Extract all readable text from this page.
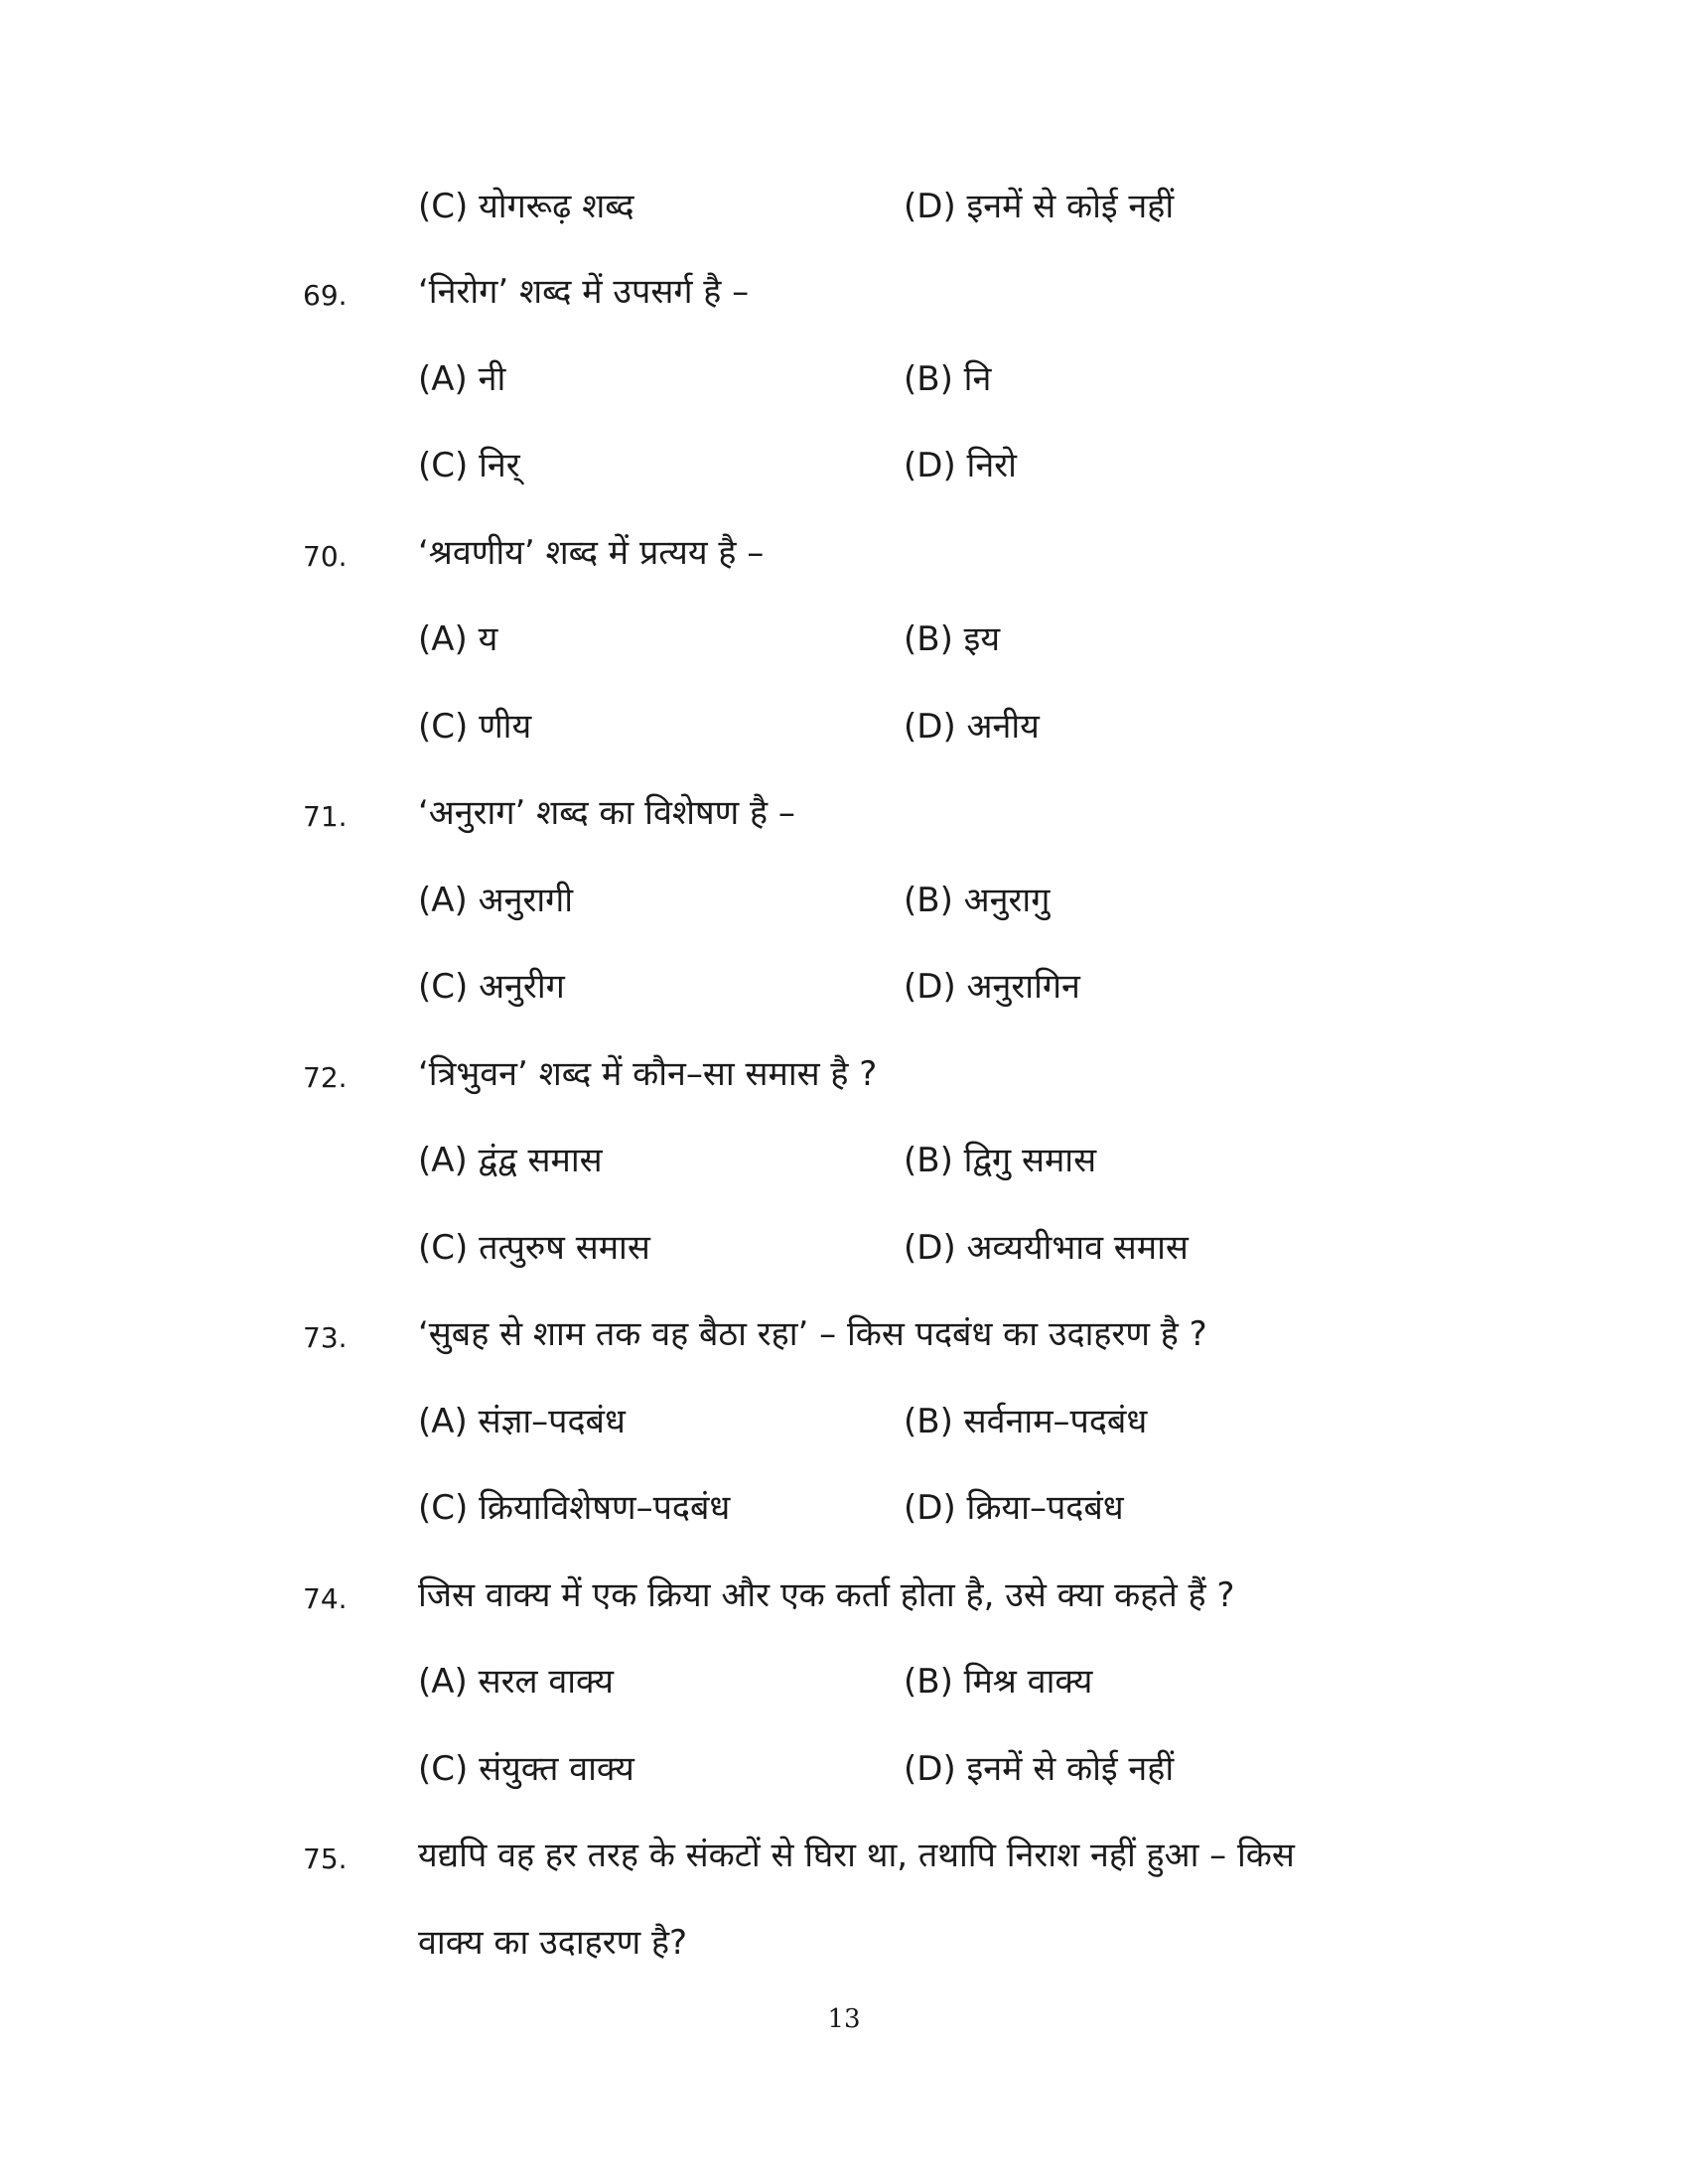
(C) योगरूढ़ शब्द	(D) इनमें से कोई नहीं
69. ‘निरोग’ शब्द में उपसर्ग है –
(A) नी	(B) नि
(C) निर्	(D) निरो
70. ‘श्रवणीय’ शब्द में प्रत्यय है –
(A) य	(B) इय
(C) णीय	(D) अनीय
71. ‘अनुराग’ शब्द का विशेषण है –
(A) अनुरागी	(B) अनुरागु
(C) अनुरीग	(D) अनुरागिन
72. ‘त्रिभुवन’ शब्द में कौन–सा समास है ?
(A) द्वंद्व समास	(B) द्विगु समास
(C) तत्पुरुष समास	(D) अव्ययीभाव समास
73. ‘सुबह से शाम तक वह बैठा रहा’ – किस पदबंध का उदाहरण है ?
(A) संज्ञा–पदबंध	(B) सर्वनाम–पदबंध
(C) क्रियाविशेषण–पदबंध	(D) क्रिया–पदबंध
74. जिस वाक्य में एक क्रिया और एक कर्ता होता है, उसे क्या कहते हैं ?
(A) सरल वाक्य	(B) मिश्र वाक्य
(C) संयुक्त वाक्य	(D) इनमें से कोई नहीं
75. यद्यपि वह हर तरह के संकटों से घिरा था, तथापि निराश नहीं हुआ – किस
वाक्य का उदाहरण है?
13
